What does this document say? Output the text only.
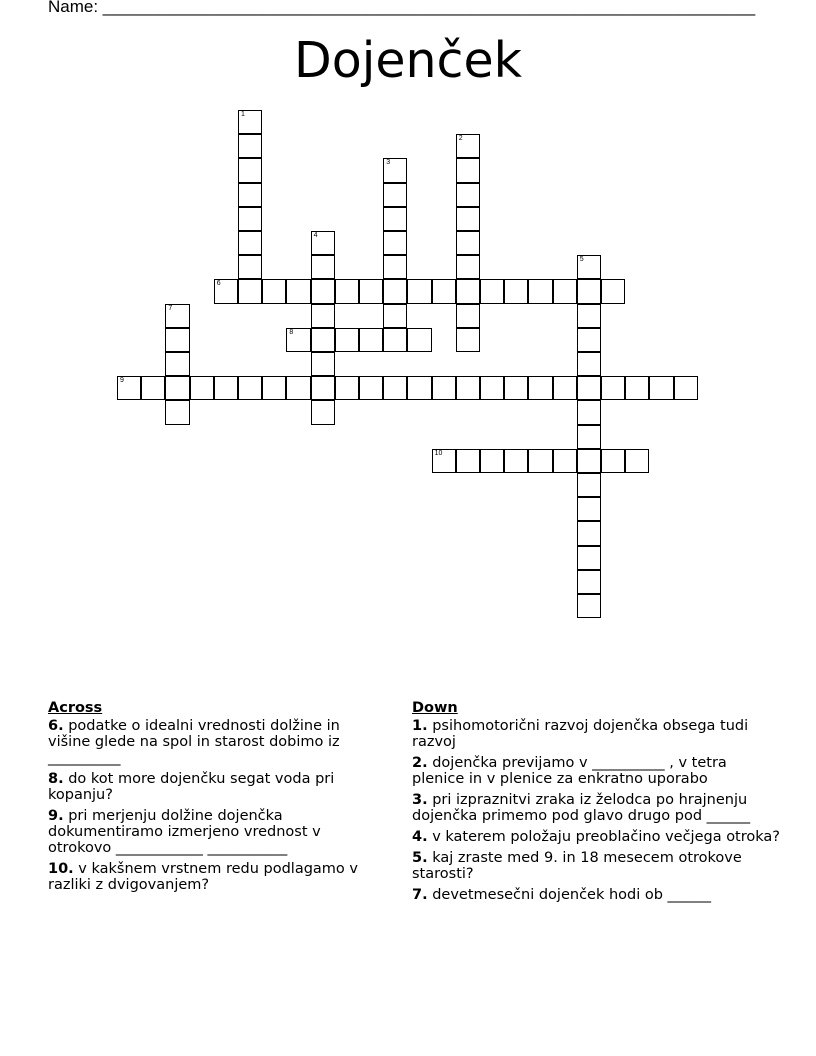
Name: _____________________________________________________________________
Dojenček
1
2
3
4
5
6
7
8
9
10
Across
6. podatke o idealni vrednosti dolžine in višine glede na spol in starost dobimo iz __________
8. do kot more dojenčku segat voda pri kopanju?
9. pri merjenju dolžine dojenčka dokumentiramo izmerjeno vrednost v otrokovo ____________ ___________
10. v kakšnem vrstnem redu podlagamo v razliki z dvigovanjem?
Down
1. psihomotorični razvoj dojenčka obsega tudi razvoj
2. dojenčka previjamo v __________ , v tetra plenice in v plenice za enkratno uporabo
3. pri izpraznitvi zraka iz želodca po hrajnenju dojenčka primemo pod glavo drugo pod ______
4. v katerem položaju preoblačino večjega otroka?
5. kaj zraste med 9. in 18 mesecem otrokove starosti?
7. devetmesečni dojenček hodi ob ______
